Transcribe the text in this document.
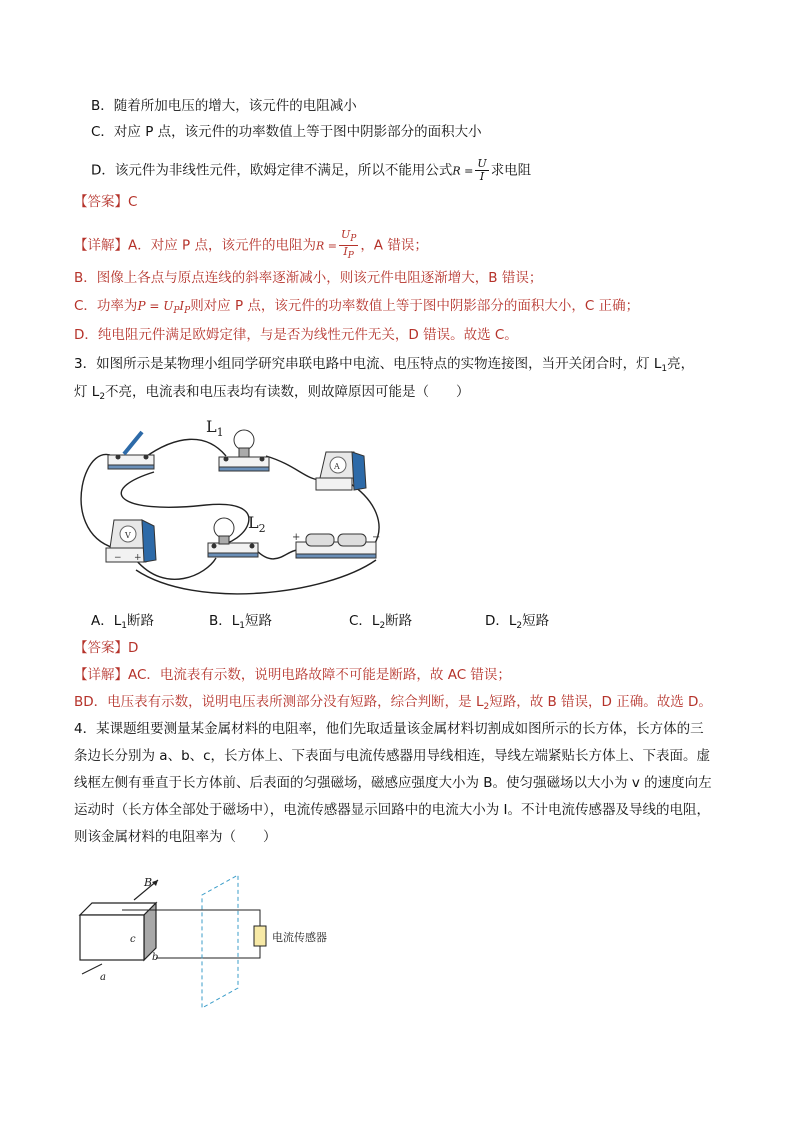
B．随着所加电压的增大，该元件的电阻减小
C．对应 P 点，该元件的功率数值上等于图中阴影部分的面积大小
D．该元件为非线性元件，欧姆定律不满足，所以不能用公式$R = \frac{U}{I}$ 求电阻
【答案】C
【详解】A．对应 P 点，该元件的电阻为$R = \frac{U_P}{I_P}$ ，A 错误；
B．图像上各点与原点连线的斜率逐渐减小，则该元件电阻逐渐增大，B 错误；
C．功率为$P = U_PI_P$则对应 P 点，该元件的功率数值上等于图中阴影部分的面积大小，C 正确；
D．纯电阻元件满足欧姆定律，与是否为线性元件无关，D 错误。故选 C。
3．如图所示是某物理小组同学研究串联电路中电流、电压特点的实物连接图，当开关闭合时，灯 $L_1$亮，
灯 $L_2$不亮，电流表和电压表均有读数，则故障原因可能是（　　）
$L_1$
A
V
− +
$L_2$
+	−
A．$L_1$断路	B．$L_1$短路	C．$L_2$断路	D．$L_2$短路
【答案】D
【详解】AC．电流表有示数，说明电路故障不可能是断路，故 AC 错误；
BD．电压表有示数，说明电压表所测部分没有短路，综合判断，是 $L_2$短路，故 B 错误，D 正确。故选 D。
4．某课题组要测量某金属材料的电阻率，他们先取适量该金属材料切割成如图所示的长方体，长方体的三
条边长分别为 a、b、c，长方体上、下表面与电流传感器用导线相连，导线左端紧贴长方体上、下表面。虚
线框左侧有垂直于长方体前、后表面的匀强磁场，磁感应强度大小为 B。使匀强磁场以大小为 v 的速度向左
运动时（长方体全部处于磁场中），电流传感器显示回路中的电流大小为 I。不计电流传感器及导线的电阻，
则该金属材料的电阻率为（　　）
B
a
b
c	电流传感器
